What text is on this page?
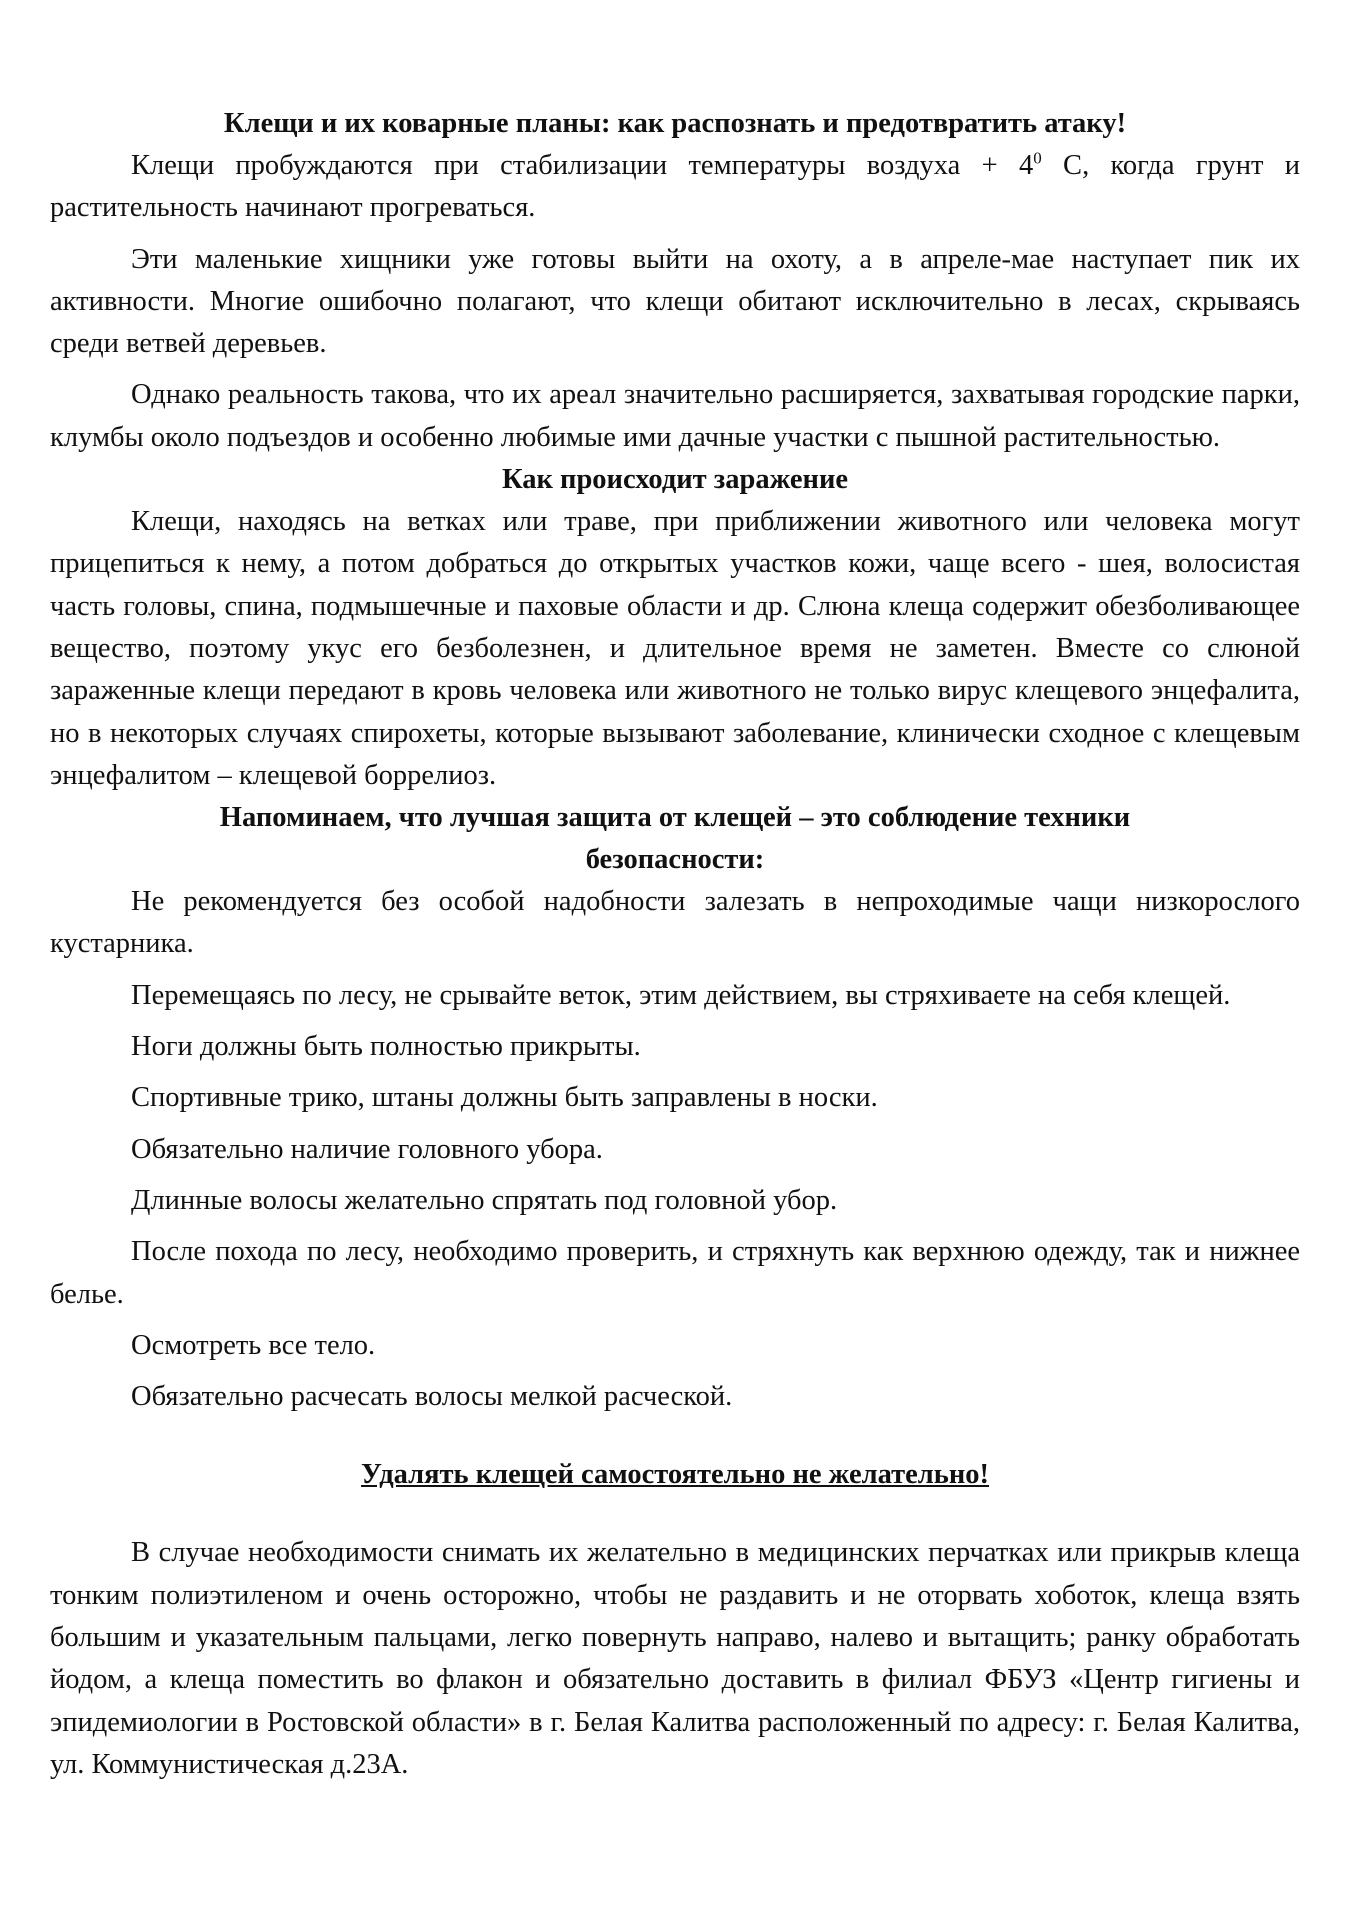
Клещи и их коварные планы: как распознать и предотвратить атаку!

Клещи пробуждаются при стабилизации температуры воздуха + $4^0$ С, когда грунт и растительность начинают прогреваться.

Эти маленькие хищники уже готовы выйти на охоту, а в апреле-мае наступает пик их активности. Многие ошибочно полагают, что клещи обитают исключительно в лесах, скрываясь среди ветвей деревьев.

Однако реальность такова, что их ареал значительно расширяется, захватывая городские парки, клумбы около подъездов и особенно любимые ими дачные участки с пышной растительностью.

Как происходит заражение

Клещи, находясь на ветках или траве, при приближении животного или человека могут прицепиться к нему, а потом добраться до открытых участков кожи, чаще всего - шея, волосистая часть головы, спина, подмышечные и паховые области и др. Слюна клеща содержит обезболивающее вещество, поэтому укус его безболезнен, и длительное время не заметен. Вместе со слюной зараженные клещи передают в кровь человека или животного не только вирус клещевого энцефалита, но в некоторых случаях спирохеты, которые вызывают заболевание, клинически сходное с клещевым энцефалитом – клещевой боррелиоз.

Напоминаем, что лучшая защита от клещей – это соблюдение техники
безопасности:

Не рекомендуется без особой надобности залезать в непроходимые чащи низкорослого кустарника.

Перемещаясь по лесу, не срывайте веток, этим действием, вы стряхиваете на себя клещей.

Ноги должны быть полностью прикрыты.

Спортивные трико, штаны должны быть заправлены в носки.

Обязательно наличие головного убора.

Длинные волосы желательно спрятать под головной убор.

После похода по лесу, необходимо проверить, и стряхнуть как верхнюю одежду, так и нижнее белье.

Осмотреть все тело.

Обязательно расчесать волосы мелкой расческой.

Удалять клещей самостоятельно не желательно!

В случае необходимости снимать их желательно в медицинских перчатках или прикрыв клеща тонким полиэтиленом и очень осторожно, чтобы не раздавить и не оторвать хоботок, клеща взять большим и указательным пальцами, легко повернуть направо, налево и вытащить; ранку обработать йодом, а клеща поместить во флакон и обязательно доставить в филиал ФБУЗ «Центр гигиены и эпидемиологии в Ростовской области» в г. Белая Калитва расположенный по адресу: г. Белая Калитва, ул. Коммунистическая д.23А.
